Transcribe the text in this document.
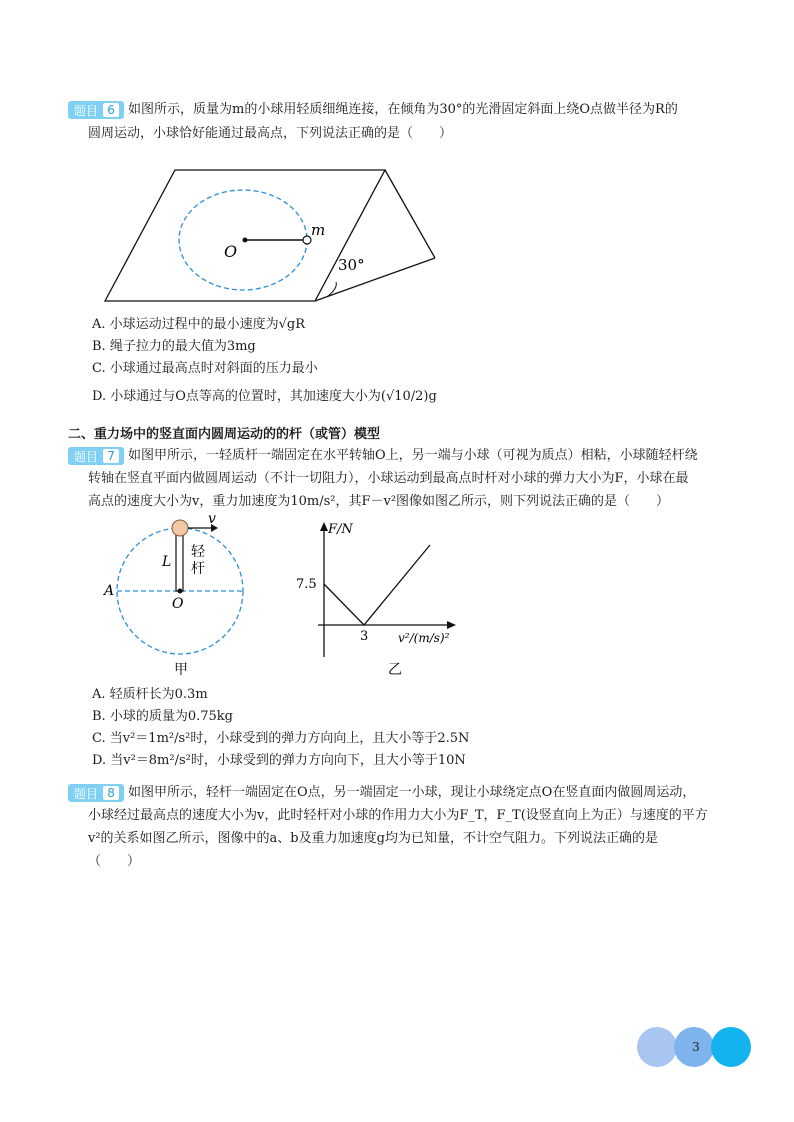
题目 6	如图所示，质量为m的小球用轻质细绳连接，在倾角为30°的光滑固定斜面上绕O点做半径为R的
圆周运动，小球恰好能通过最高点，下列说法正确的是（　　）
O
m
30°
A. 小球运动过程中的最小速度为√gR
B. 绳子拉力的最大值为3mg
C. 小球通过最高点时对斜面的压力最小
D. 小球通过与O点等高的位置时，其加速度大小为(√10/2)g
二、重力场中的竖直面内圆周运动的的杆（或管）模型
题目 7	如图甲所示，一轻质杆一端固定在水平转轴O上，另一端与小球（可视为质点）相粘，小球随轻杆绕
转轴在竖直平面内做圆周运动（不计一切阻力），小球运动到最高点时杆对小球的弹力大小为F，小球在最
高点的速度大小为v，重力加速度为10m/s²，其F－v²图像如图乙所示，则下列说法正确的是（　　）
v
L
轻 杆
A
O
甲
F/N
7.5
3 v²/(m/s)²
乙
A. 轻质杆长为0.3m
B. 小球的质量为0.75kg
C. 当v²＝1m²/s²时，小球受到的弹力方向向上，且大小等于2.5N
D. 当v²＝8m²/s²时，小球受到的弹力方向向下，且大小等于10N
题目 8	如图甲所示，轻杆一端固定在O点，另一端固定一小球，现让小球绕定点O在竖直面内做圆周运动，
小球经过最高点的速度大小为v，此时轻杆对小球的作用力大小为F_T，F_T(设竖直向上为正）与速度的平方
v²的关系如图乙所示，图像中的a、b及重力加速度g均为已知量，不计空气阻力。下列说法正确的是
（　　）
3
